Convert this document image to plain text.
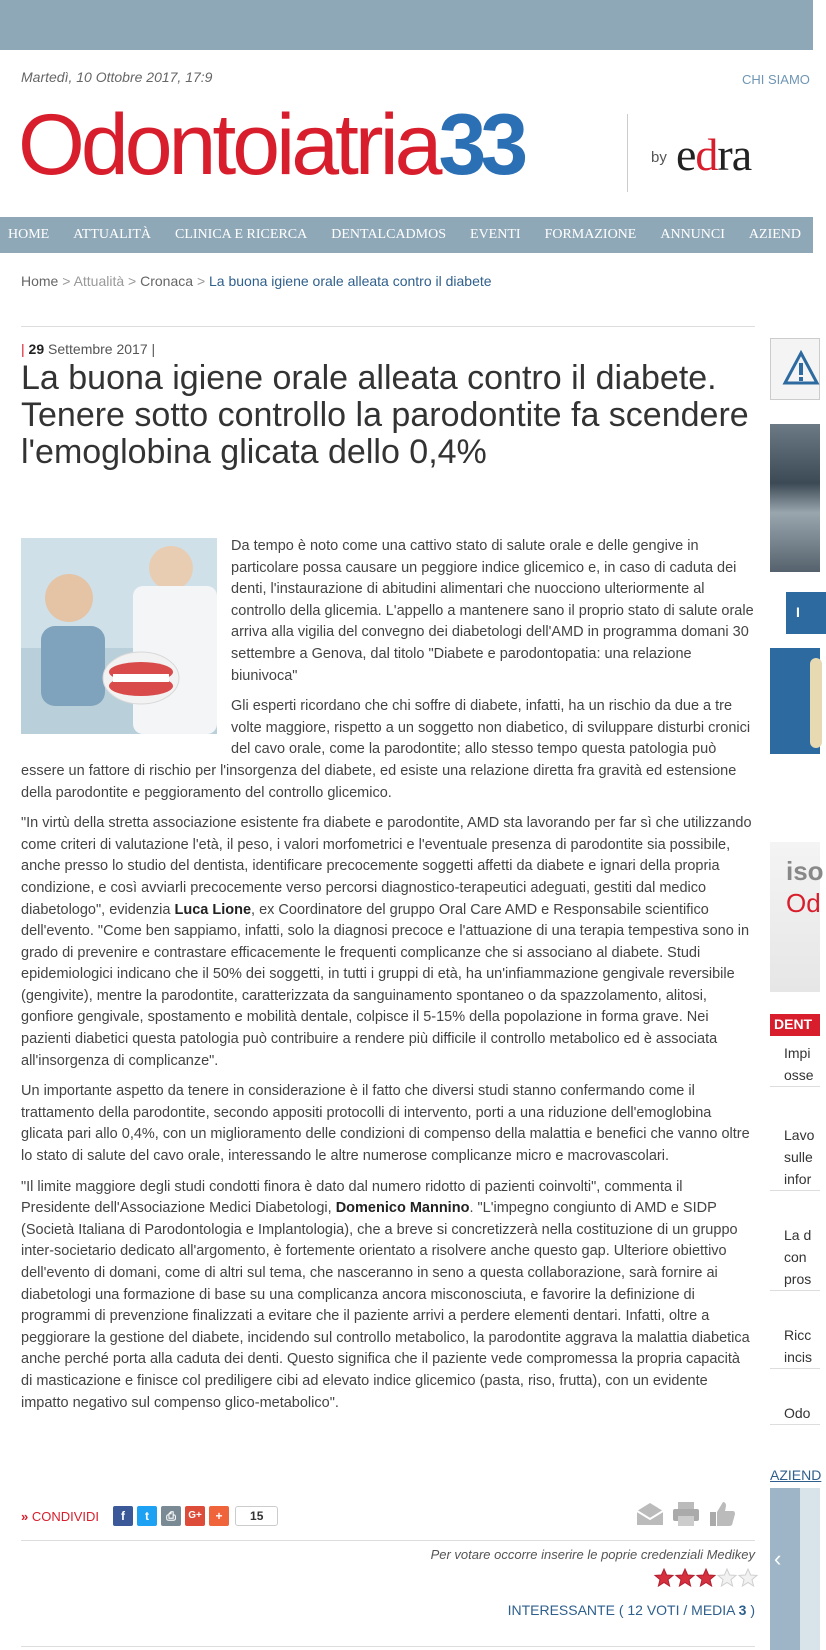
Martedì, 10 Ottobre 2017, 17:9	CHI SIAMO
Odontoiatria33	by edra
HOME ATTUALITÀ CLINICA E RICERCA DENTALCADMOS EVENTI FORMAZIONE ANNUNCI AZIEND
Home > Attualità > Cronaca > La buona igiene orale alleata contro il diabete
| 29 Settembre 2017 |
La buona igiene orale alleata contro il diabete. Tenere sotto controllo la parodontite fa scendere l'emoglobina glicata dello 0,4%

Da tempo è noto come una cattivo stato di salute orale e delle gengive in particolare possa causare un peggiore indice glicemico e, in caso di caduta dei denti, l'instaurazione di abitudini alimentari che nuocciono ulteriormente al controllo della glicemia. L'appello a mantenere sano il proprio stato di salute orale arriva alla vigilia del convegno dei diabetologi dell'AMD in programma domani 30 settembre a Genova, dal titolo "Diabete e parodontopatia: una relazione biunivoca"

Gli esperti ricordano che chi soffre di diabete, infatti, ha un rischio da due a tre volte maggiore, rispetto a un soggetto non diabetico, di sviluppare disturbi cronici del cavo orale, come la parodontite; allo stesso tempo questa patologia può essere un fattore di rischio per l'insorgenza del diabete, ed esiste una relazione diretta fra gravità ed estensione della parodontite e peggioramento del controllo glicemico.

"In virtù della stretta associazione esistente fra diabete e parodontite, AMD sta lavorando per far sì che utilizzando come criteri di valutazione l'età, il peso, i valori morfometrici e l'eventuale presenza di parodontite sia possibile, anche presso lo studio del dentista, identificare precocemente soggetti affetti da diabete e ignari della propria condizione, e così avviarli precocemente verso percorsi diagnostico-terapeutici adeguati, gestiti dal medico diabetologo", evidenzia Luca Lione, ex Coordinatore del gruppo Oral Care AMD e Responsabile scientifico dell'evento. "Come ben sappiamo, infatti, solo la diagnosi precoce e l'attuazione di una terapia tempestiva sono in grado di prevenire e contrastare efficacemente le frequenti complicanze che si associano al diabete. Studi epidemiologici indicano che il 50% dei soggetti, in tutti i gruppi di età, ha un'infiammazione gengivale reversibile (gengivite), mentre la parodontite, caratterizzata da sanguinamento spontaneo o da spazzolamento, alitosi, gonfiore gengivale, spostamento e mobilità dentale, colpisce il 5-15% della popolazione in forma grave. Nei pazienti diabetici questa patologia può contribuire a rendere più difficile il controllo metabolico ed è associata all'insorgenza di complicanze".

Un importante aspetto da tenere in considerazione è il fatto che diversi studi stanno confermando come il trattamento della parodontite, secondo appositi protocolli di intervento, porti a una riduzione dell'emoglobina glicata pari allo 0,4%, con un miglioramento delle condizioni di compenso della malattia e benefici che vanno oltre lo stato di salute del cavo orale, interessando le altre numerose complicanze micro e macrovascolari.

"Il limite maggiore degli studi condotti finora è dato dal numero ridotto di pazienti coinvolti", commenta il Presidente dell'Associazione Medici Diabetologi, Domenico Mannino. "L'impegno congiunto di AMD e SIDP (Società Italiana di Parodontologia e Implantologia), che a breve si concretizzerà nella costituzione di un gruppo inter-societario dedicato all'argomento, è fortemente orientato a risolvere anche questo gap. Ulteriore obiettivo dell'evento di domani, come di altri sul tema, che nasceranno in seno a questa collaborazione, sarà fornire ai diabetologi una formazione di base su una complicanza ancora misconosciuta, e favorire la definizione di programmi di prevenzione finalizzati a evitare che il paziente arrivi a perdere elementi dentari. Infatti, oltre a peggiorare la gestione del diabete, incidendo sul controllo metabolico, la parodontite aggrava la malattia diabetica anche perché porta alla caduta dei denti. Questo significa che il paziente vede compromessa la propria capacità di masticazione e finisce col prediligere cibi ad elevato indice glicemico (pasta, riso, frutta), con un evidente impatto negativo sul compenso glico-metabolico".

» CONDIVIDI	f	t	⎙	G+	+	15
Per votare occorre inserire le poprie credenziali Medikey
INTERESSANTE ( 12 VOTI / MEDIA 3 )
I
iso
Od
DENT
Impi osse
Lavo sulle infor
La d con pros
Ricc incis
Odo
AZIEND
‹
